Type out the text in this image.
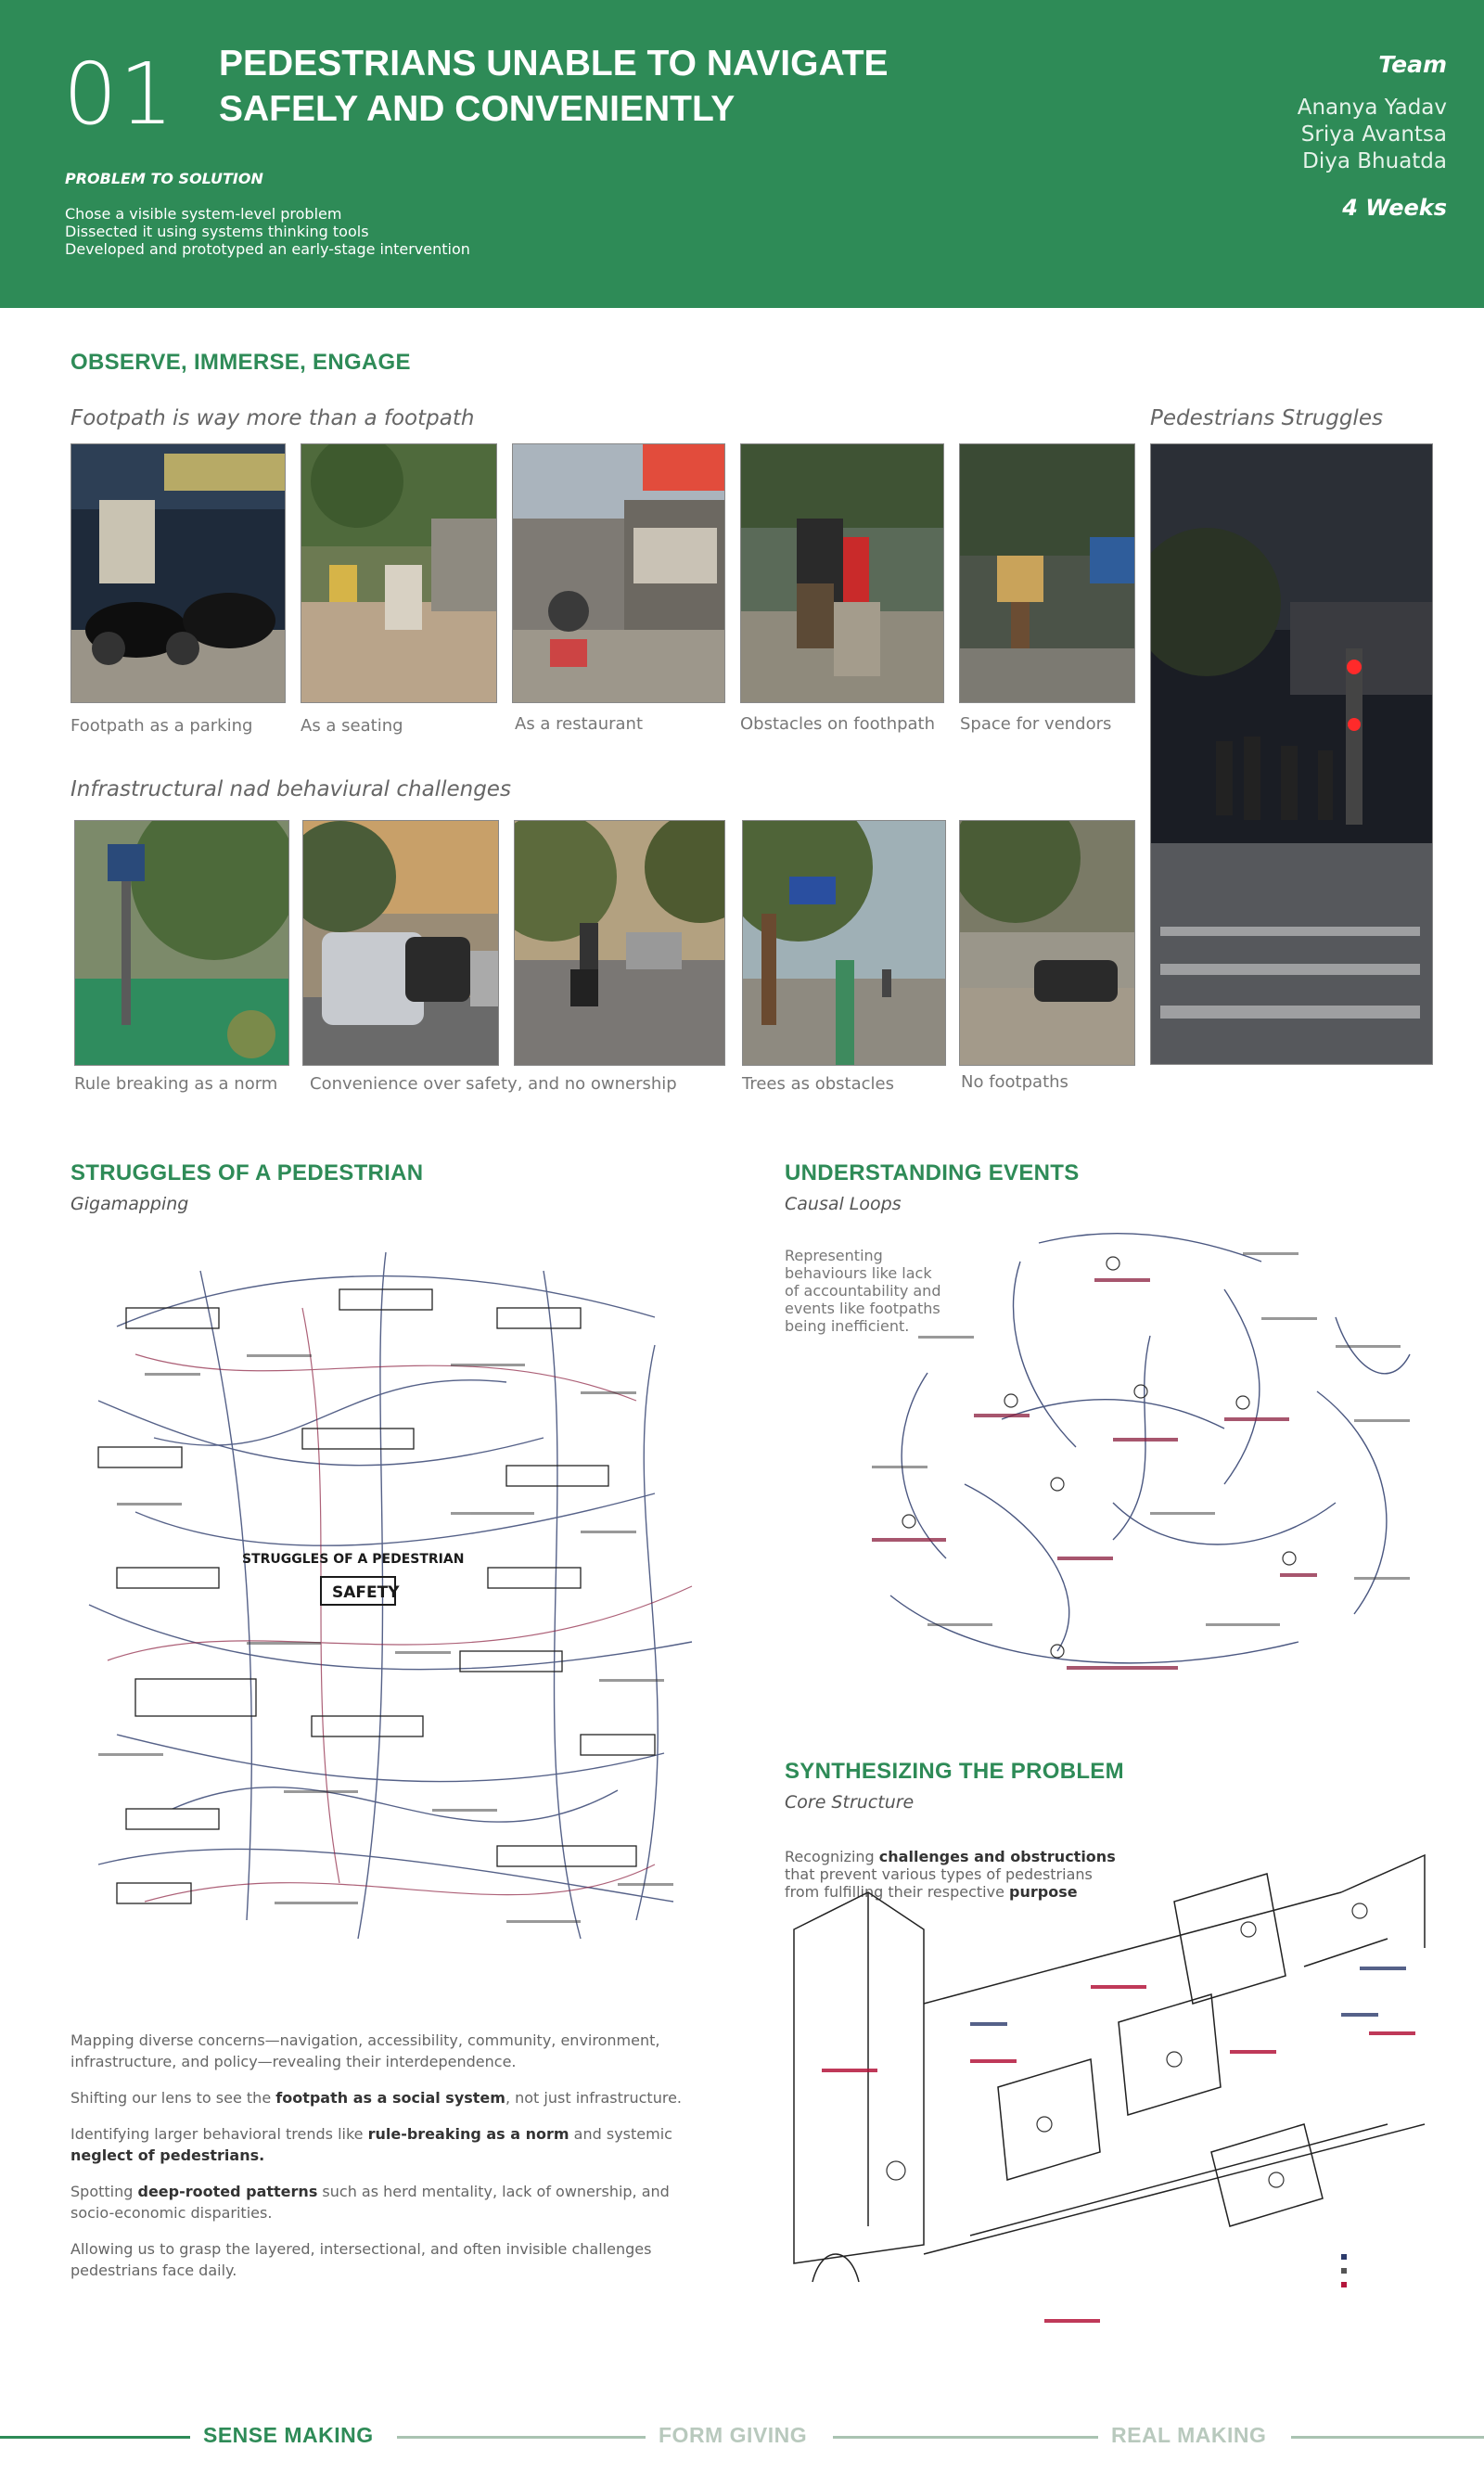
01 PEDESTRIANS UNABLE TO NAVIGATE
SAFELY AND CONVENIENTLY
PROBLEM TO SOLUTION
Chose a visible system-level problem
Dissected it using systems thinking tools
Developed and prototyped an early-stage intervention
Team
Ananya Yadav
Sriya Avantsa
Diya Bhuatda
4 Weeks
OBSERVE, IMMERSE, ENGAGE
Footpath is way more than a footpath	Pedestrians Struggles
Footpath as a parking	As a seating	As a restaurant	Obstacles on foothpath Space for vendors
Infrastructural nad behaviural challenges
Rule breaking as a norm Convenience over safety, and no ownership	Trees as obstacles	No footpaths
STRUGGLES OF A PEDESTRIAN
Gigamapping
STRUGGLES OF A PEDESTRIAN
SAFETY

Mapping diverse concerns—navigation, accessibility, community, environment, infrastructure, and policy—revealing their interdependence.

Shifting our lens to see the footpath as a social system, not just infrastructure.

Identifying larger behavioral trends like rule-breaking as a norm and systemic neglect of pedestrians.

Spotting deep-rooted patterns such as herd mentality, lack of ownership, and socio-economic disparities.

Allowing us to grasp the layered, intersectional, and often invisible challenges pedestrians face daily.

UNDERSTANDING EVENTS
Causal Loops
Representing behaviours like lack of accountability and events like footpaths being inefficient.
SYNTHESIZING THE PROBLEM
Core Structure
Recognizing challenges and obstructions that prevent various types of pedestrians from fulfilling their respective purpose
SENSE MAKING	FORM GIVING	REAL MAKING
